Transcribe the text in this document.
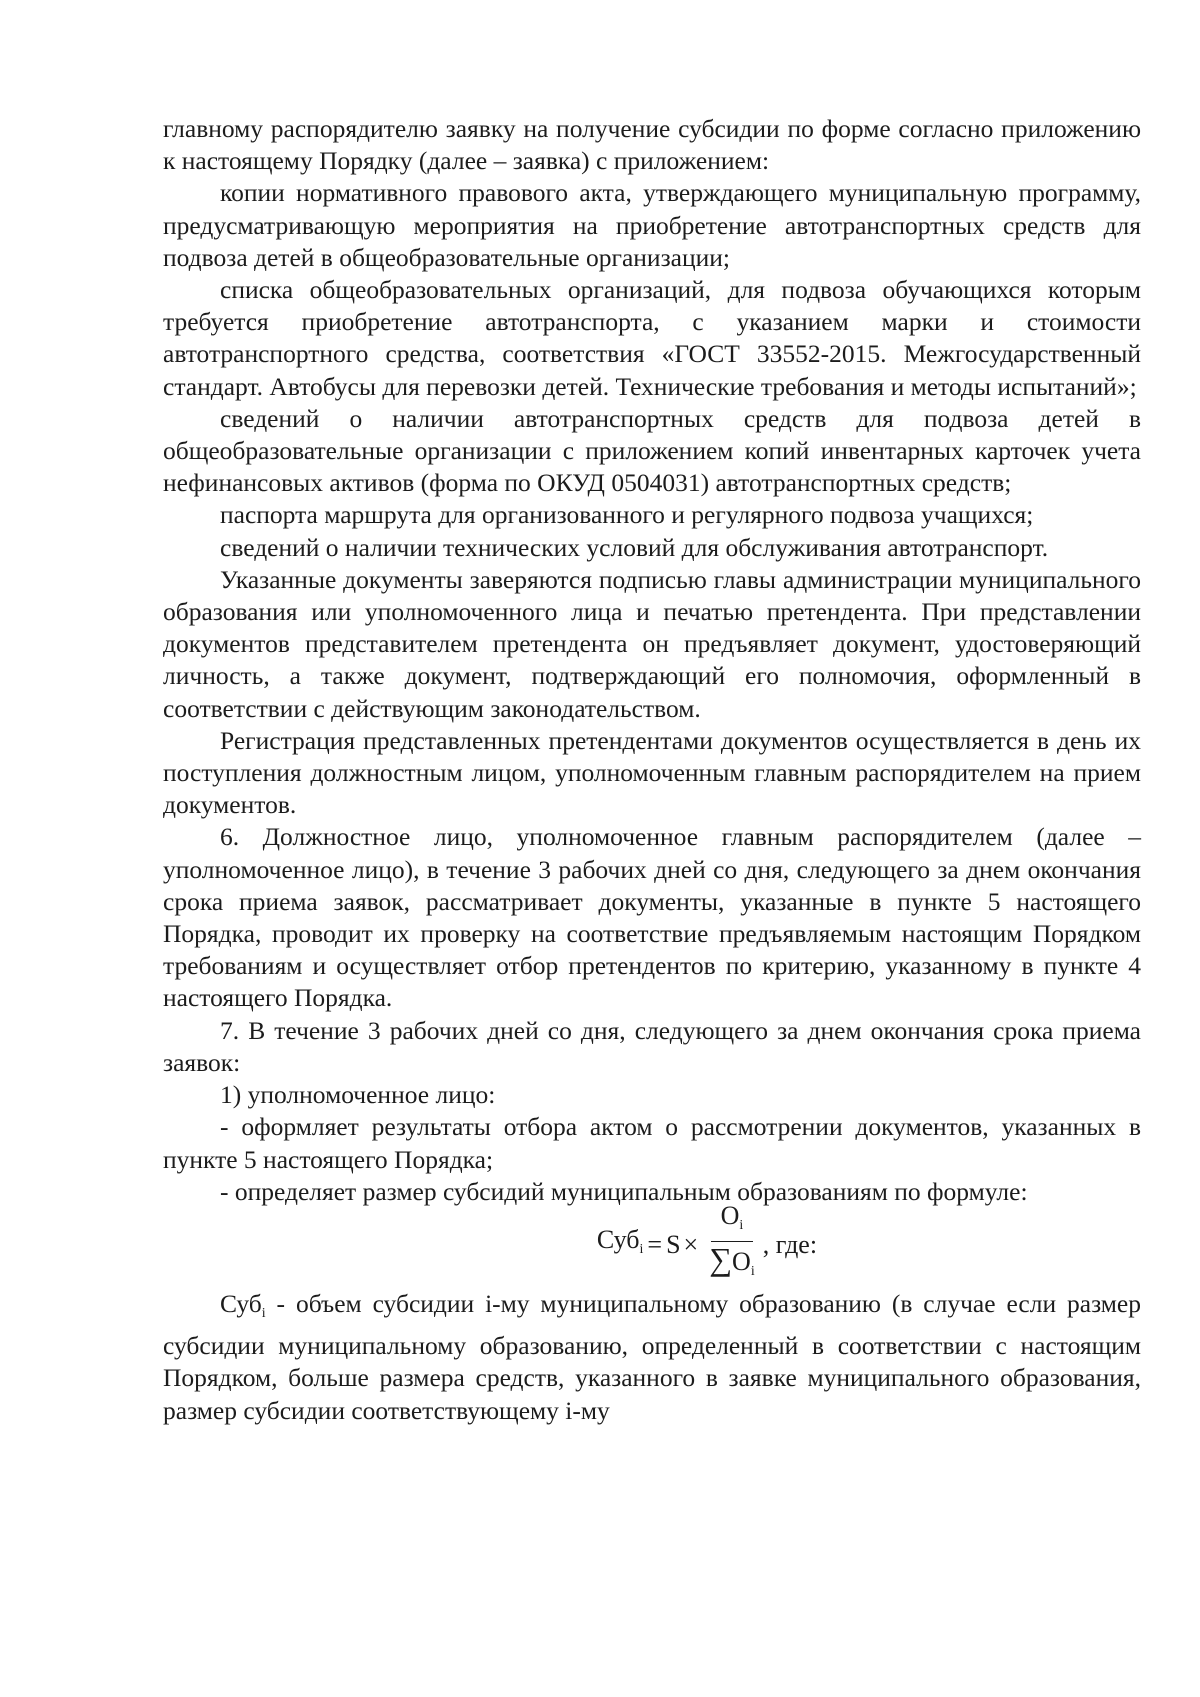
главному распорядителю заявку на получение субсидии по форме согласно приложению к настоящему Порядку (далее – заявка) с приложением:

копии нормативного правового акта, утверждающего муниципальную программу, предусматривающую мероприятия на приобретение автотранспортных средств для подвоза детей в общеобразовательные организации;

списка общеобразовательных организаций, для подвоза обучающихся которым требуется приобретение автотранспорта, с указанием марки и стоимости автотранспортного средства, соответствия «ГОСТ 33552-2015. Межгосударственный стандарт. Автобусы для перевозки детей. Технические требования и методы испытаний»;

сведений о наличии автотранспортных средств для подвоза детей в общеобразовательные организации с приложением копий инвентарных карточек учета нефинансовых активов (форма по ОКУД 0504031) автотранспортных средств;

паспорта маршрута для организованного и регулярного подвоза учащихся;

сведений о наличии технических условий для обслуживания автотранспорт.

Указанные документы заверяются подписью главы администрации муниципального образования или уполномоченного лица и печатью претендента. При представлении документов представителем претендента он предъявляет документ, удостоверяющий личность, а также документ, подтверждающий его полномочия, оформленный в соответствии с действующим законодательством.

Регистрация представленных претендентами документов осуществляется в день их поступления должностным лицом, уполномоченным главным распорядителем на прием документов.

6. Должностное лицо, уполномоченное главным распорядителем (далее – уполномоченное лицо), в течение 3 рабочих дней со дня, следующего за днем окончания срока приема заявок, рассматривает документы, указанные в пункте 5 настоящего Порядка, проводит их проверку на соответствие предъявляемым настоящим Порядком требованиям и осуществляет отбор претендентов по критерию, указанному в пункте 4 настоящего Порядка.

7. В течение 3 рабочих дней со дня, следующего за днем окончания срока приема заявок:

1) уполномоченное лицо:

- оформляет результаты отбора актом о рассмотрении документов, указанных в пункте 5 настоящего Порядка;

- определяет размер субсидий муниципальным образованиям по формуле:

$Суб_i = S \times \frac{O_i}{\sum O_i}$ , где:

Суб$_i$ - объем субсидии i-му муниципальному образованию (в случае если размер субсидии муниципальному образованию, определенный в соответствии с настоящим Порядком, больше размера средств, указанного в заявке муниципального образования, размер субсидии соответствующему i-му
